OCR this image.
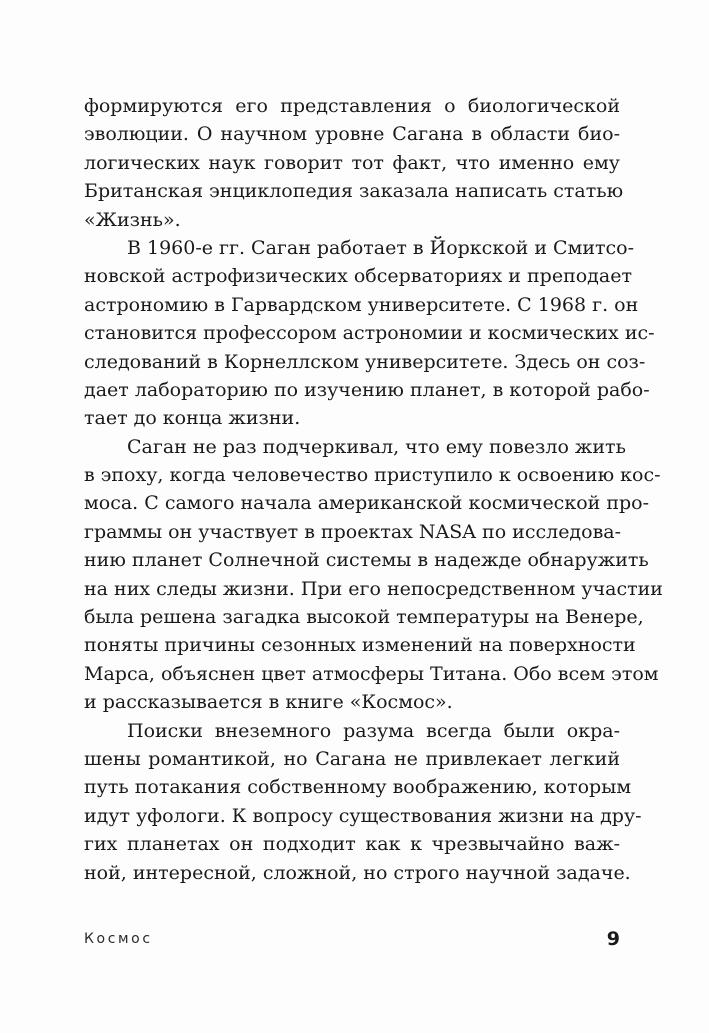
формируются его представления о биологической
эволюции. О научном уровне Сагана в области био-
логических наук говорит тот факт, что именно ему
Британская энциклопедия заказала написать статью
«Жизнь».
В 1960-е гг. Саган работает в Йоркской и Смитсо-
новской астрофизических обсерваториях и преподает
астрономию в Гарвардском университете. С 1968 г. он
становится профессором астрономии и космических ис-
следований в Корнеллском университете. Здесь он соз-
дает лабораторию по изучению планет, в которой рабо-
тает до конца жизни.
Саган не раз подчеркивал, что ему повезло жить
в эпоху, когда человечество приступило к освоению кос-
моса. С самого начала американской космической про-
граммы он участвует в проектах NASA по исследова-
нию планет Солнечной системы в надежде обнаружить
на них следы жизни. При его непосредственном участии
была решена загадка высокой температуры на Венере,
поняты причины сезонных изменений на поверхности
Марса, объяснен цвет атмосферы Титана. Обо всем этом
и рассказывается в книге «Космос».
Поиски внеземного разума всегда были окра-
шены романтикой, но Сагана не привлекает легкий
путь потакания собственному воображению, которым
идут уфологи. К вопросу существования жизни на дру-
гих планетах он подходит как к чрезвычайно важ-
ной, интересной, сложной, но строго научной задаче.
Космос	9
